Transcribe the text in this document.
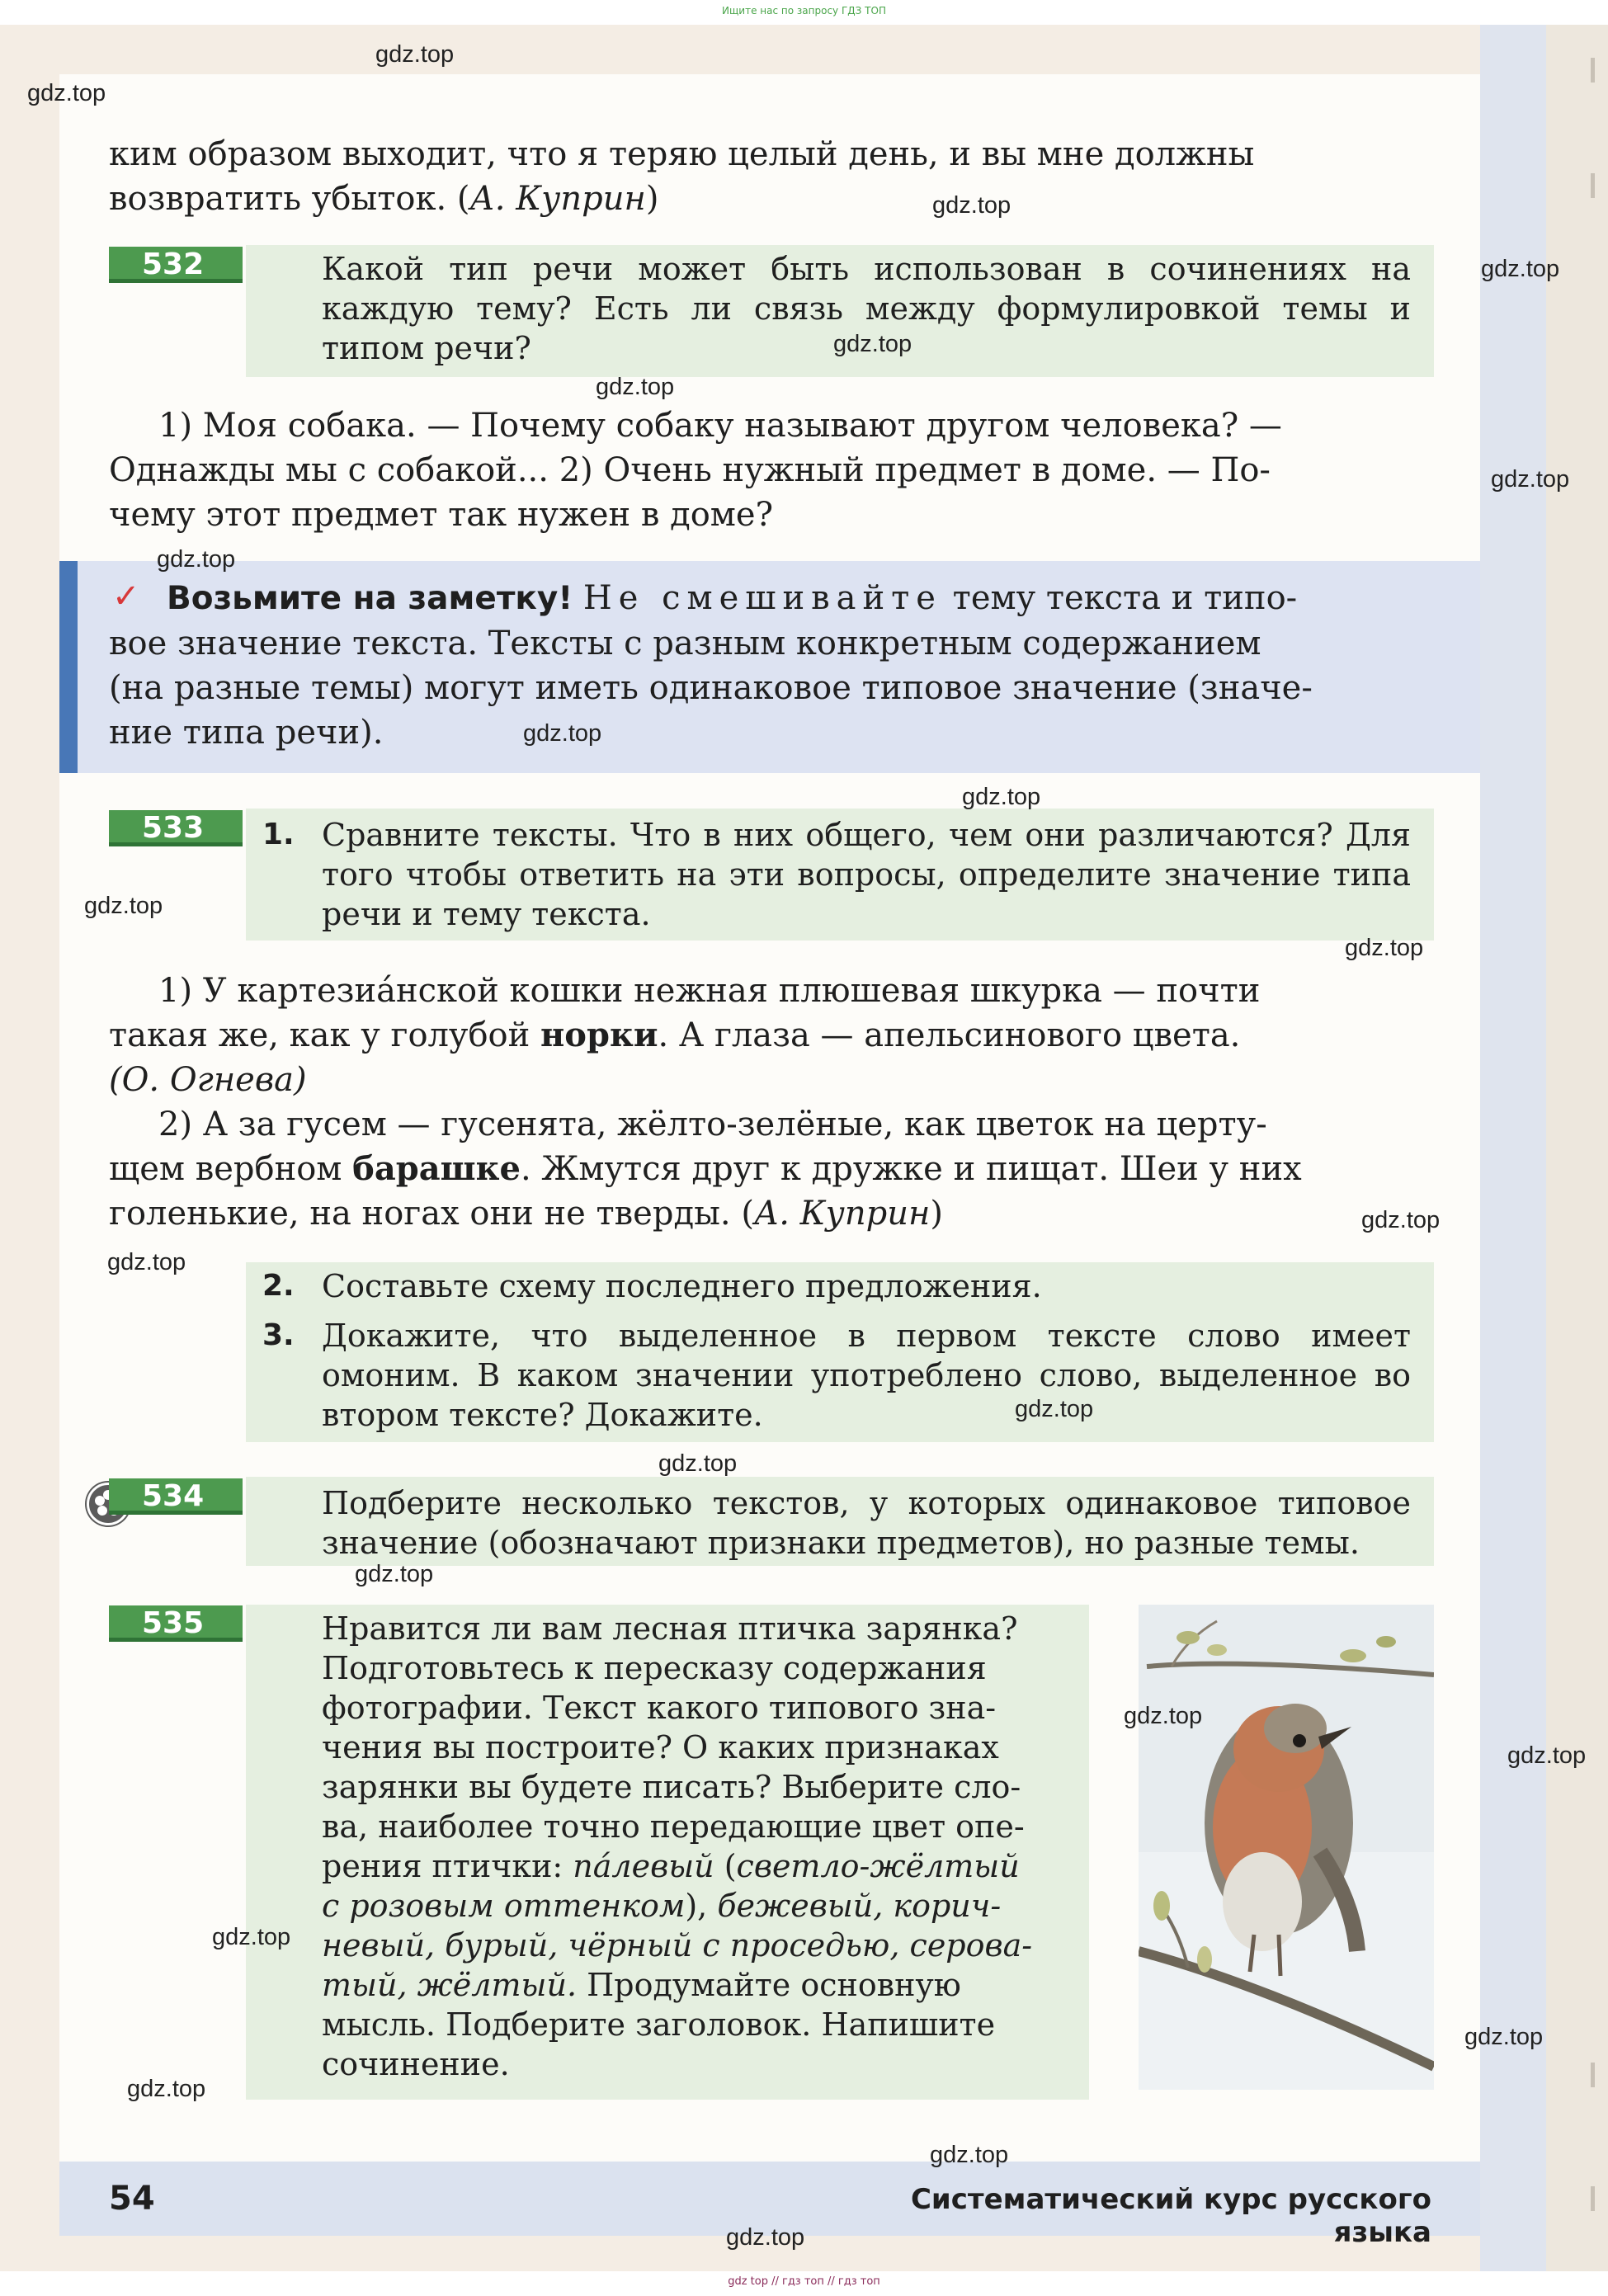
Ищите нас по запросу ГДЗ ТОП
ким образом выходит, что я теряю целый день, и вы мне должны
возвратить убыток. (А. Куприн)
532	Какой тип речи может быть использован в сочинениях на каждую тему? Есть ли связь между формулировкой темы и типом речи?
1) Моя собака. — Почему собаку называют другом человека? —
Однажды мы с собакой... 2) Очень нужный предмет в доме. — По-
чему этот предмет так нужен в доме?
✓ Возьмите на заметку! Не смешивайте тему текста и типо-
вое значение текста. Тексты с разным конкретным содержанием
(на разные темы) могут иметь одинаковое типовое значение (значе-
ние типа речи).
533	1. Сравните тексты. Что в них общего, чем они различаются? Для того чтобы ответить на эти вопросы, определите значение типа речи и тему текста.
1) У картезиа́нской кошки нежная плюшевая шкурка — почти
такая же, как у голубой норки. А глаза — апельсинового цвета.
(О. Огнева)
2) А за гусем — гусенята, жёлто-зелёные, как цветок на церту-
щем вербном барашке. Жмутся друг к дружке и пищат. Шеи у них
голенькие, на ногах они не тверды. (А. Куприн)
2. Составьте схему последнего предложения.
3. Докажите, что выделенное в первом тексте слово имеет омоним. В каком значении употреблено слово, выделенное во втором тексте? Докажите.
534	Подберите несколько текстов, у которых одинаковое типовое значение (обозначают признаки предметов), но разные темы.
535	Нравится ли вам лесная птичка зарянка?
Подготовьтесь к пересказу содержания
фотографии. Текст какого типового зна-
чения вы построите? О каких признаках
зарянки вы будете писать? Выберите сло-
ва, наиболее точно передающие цвет опе-
рения птички: па́левый (светло-жёлтый
с розовым оттенком), бежевый, корич-
невый, бурый, чёрный с проседью, серова-
тый, жёлтый. Продумайте основную
мысль. Подберите заголовок. Напишите
сочинение.
54	Систематический курс русского языка
gdz.top
gdz.top
gdz.top
gdz.top
gdz.top
gdz.top
gdz.top
gdz.top
gdz.top
gdz.top
gdz.top
gdz.top
gdz.top
gdz.top
gdz.top
gdz.top
gdz.top
gdz.top
gdz.top
gdz.top
gdz.top
gdz.top
gdz.top
gdz.top
gdz top // гдз топ // гдз топ
